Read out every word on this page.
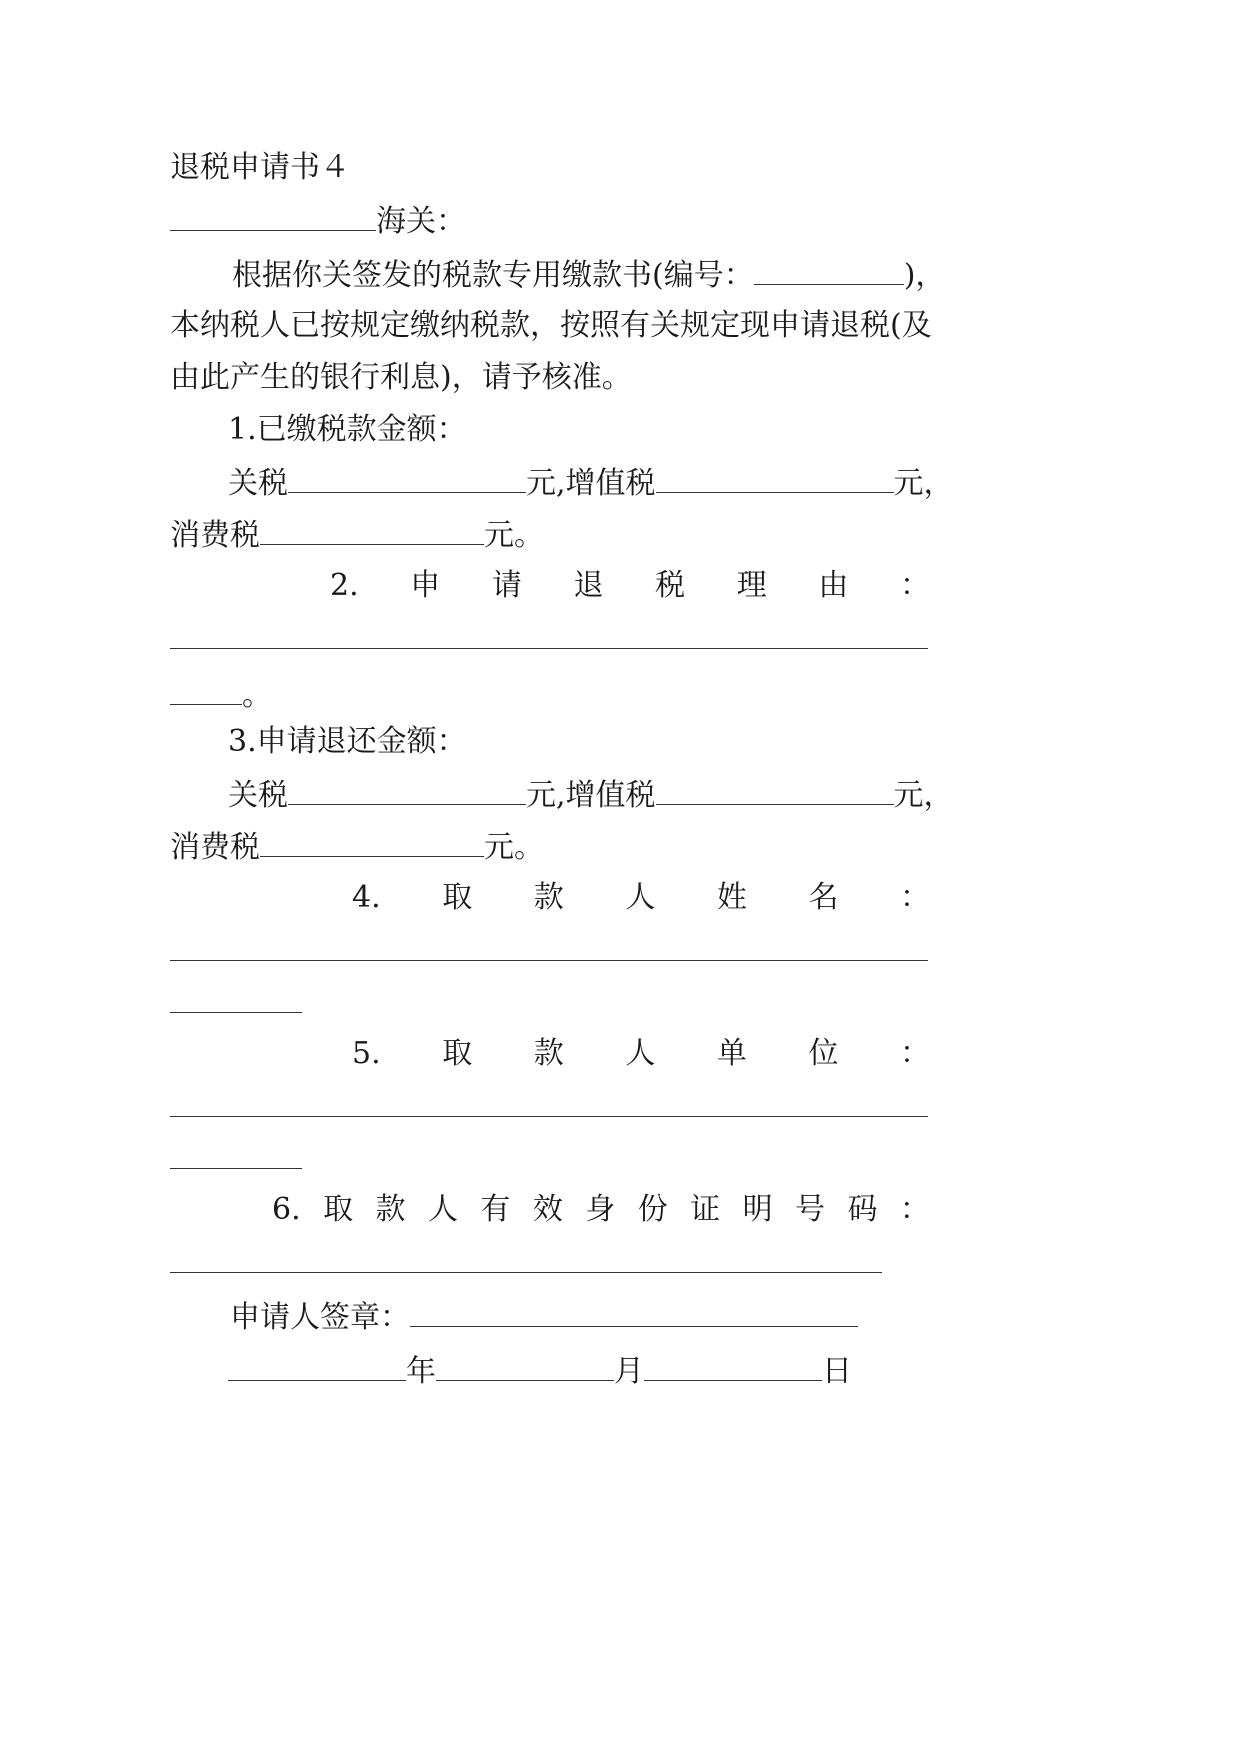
退税申请书４
海关：
根据你关签发的税款专用缴款书(编号：	)，
本纳税人已按规定缴纳税款，按照有关规定现申请退税(及
由此产生的银行利息)，请予核准。
1.已缴税款金额：
关税	元,增值税	元，
消费税	元。
2. 申 请 退 税 理 由 ：
。
3.申请退还金额：
关税	元,增值税	元，
消费税	元。
4. 取 款 人 姓 名 ：
5. 取 款 人 单 位 ：
6. 取 款 人 有 效 身 份 证 明 号 码 ：
申请人签章：
年	月	日
